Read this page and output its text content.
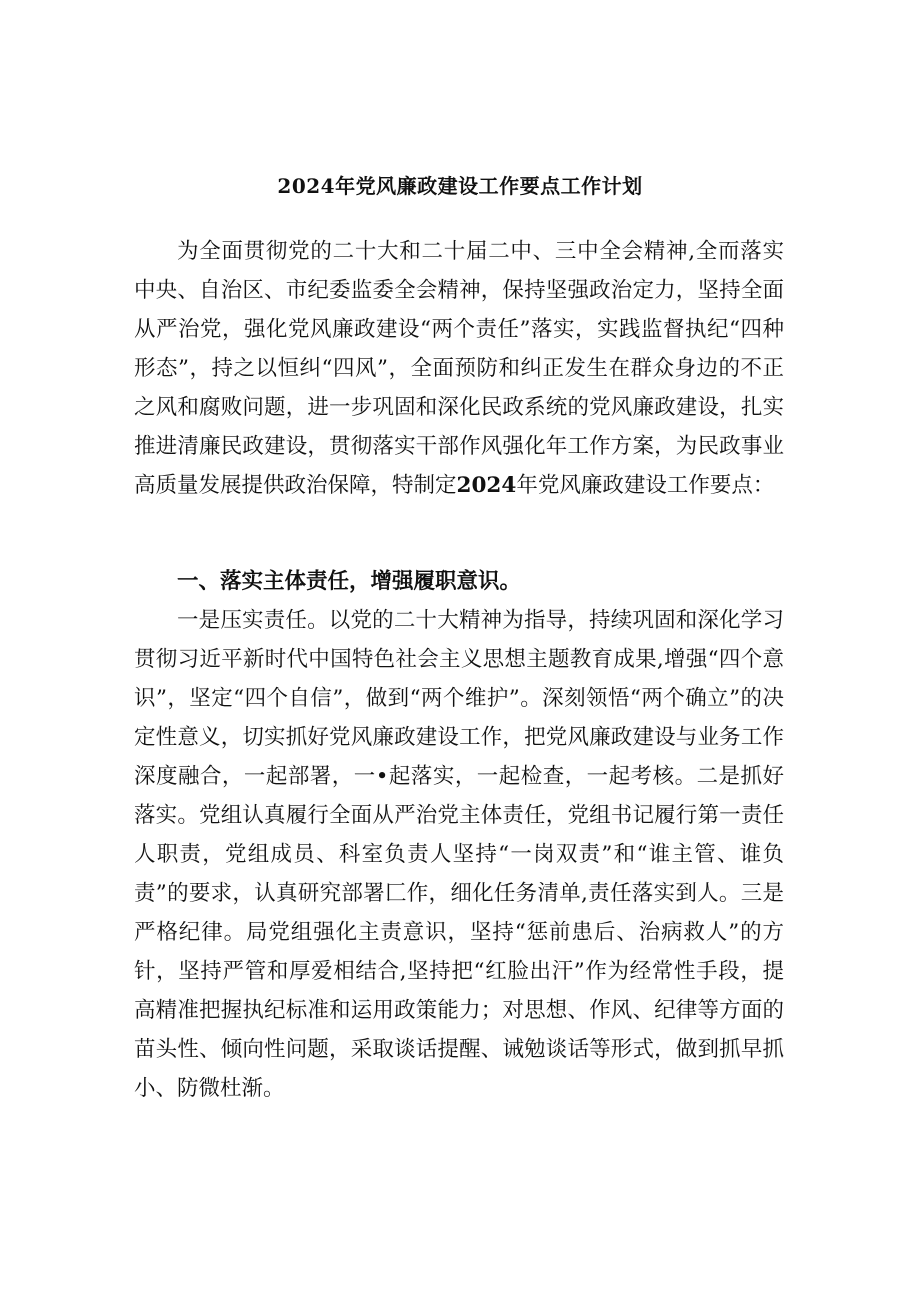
2024年党风廉政建设工作要点工作计划

为全面贯彻党的二十大和二十届二中、三中全会精神,全而落实中央、自治区、市纪委监委全会精神，保持坚强政治定力，坚持全面从严治党，强化党风廉政建设“两个责任”落实，实践监督执纪“四种形态”，持之以恒纠“四风”，全面预防和纠正发生在群众身边的不正之风和腐败问题，进一步巩固和深化民政系统的党风廉政建设，扎实推进清廉民政建设，贯彻落实干部作风强化年工作方案，为民政事业高质量发展提供政治保障，特制定2024年党风廉政建设工作要点：

一、落实主体责任，增强履职意识。

一是压实责任。以党的二十大精神为指导，持续巩固和深化学习贯彻习近平新时代中国特色社会主义思想主题教育成果,增强“四个意识”，坚定“四个自信”，做到“两个维护”。深刻领悟“两个确立”的决定性意义，切实抓好党风廉政建设工作，把党风廉政建设与业务工作深度融合，一起部署，一•起落实，一起检查，一起考核。二是抓好落实。党组认真履行全面从严治党主体责任，党组书记履行第一责任人职责，党组成员、科室负责人坚持“一岗双责”和“谁主管、谁负责”的要求，认真研究部署匚作，细化任务清单,责任落实到人。三是严格纪律。局党组强化主责意识，坚持“惩前患后、治病救人”的方针，坚持严管和厚爱相结合,坚持把“红脸出汗”作为经常性手段，提高精准把握执纪标准和运用政策能力；对思想、作风、纪律等方面的苗头性、倾向性问题，采取谈话提醒、诫勉谈话等形式，做到抓早抓小、防微杜渐。
